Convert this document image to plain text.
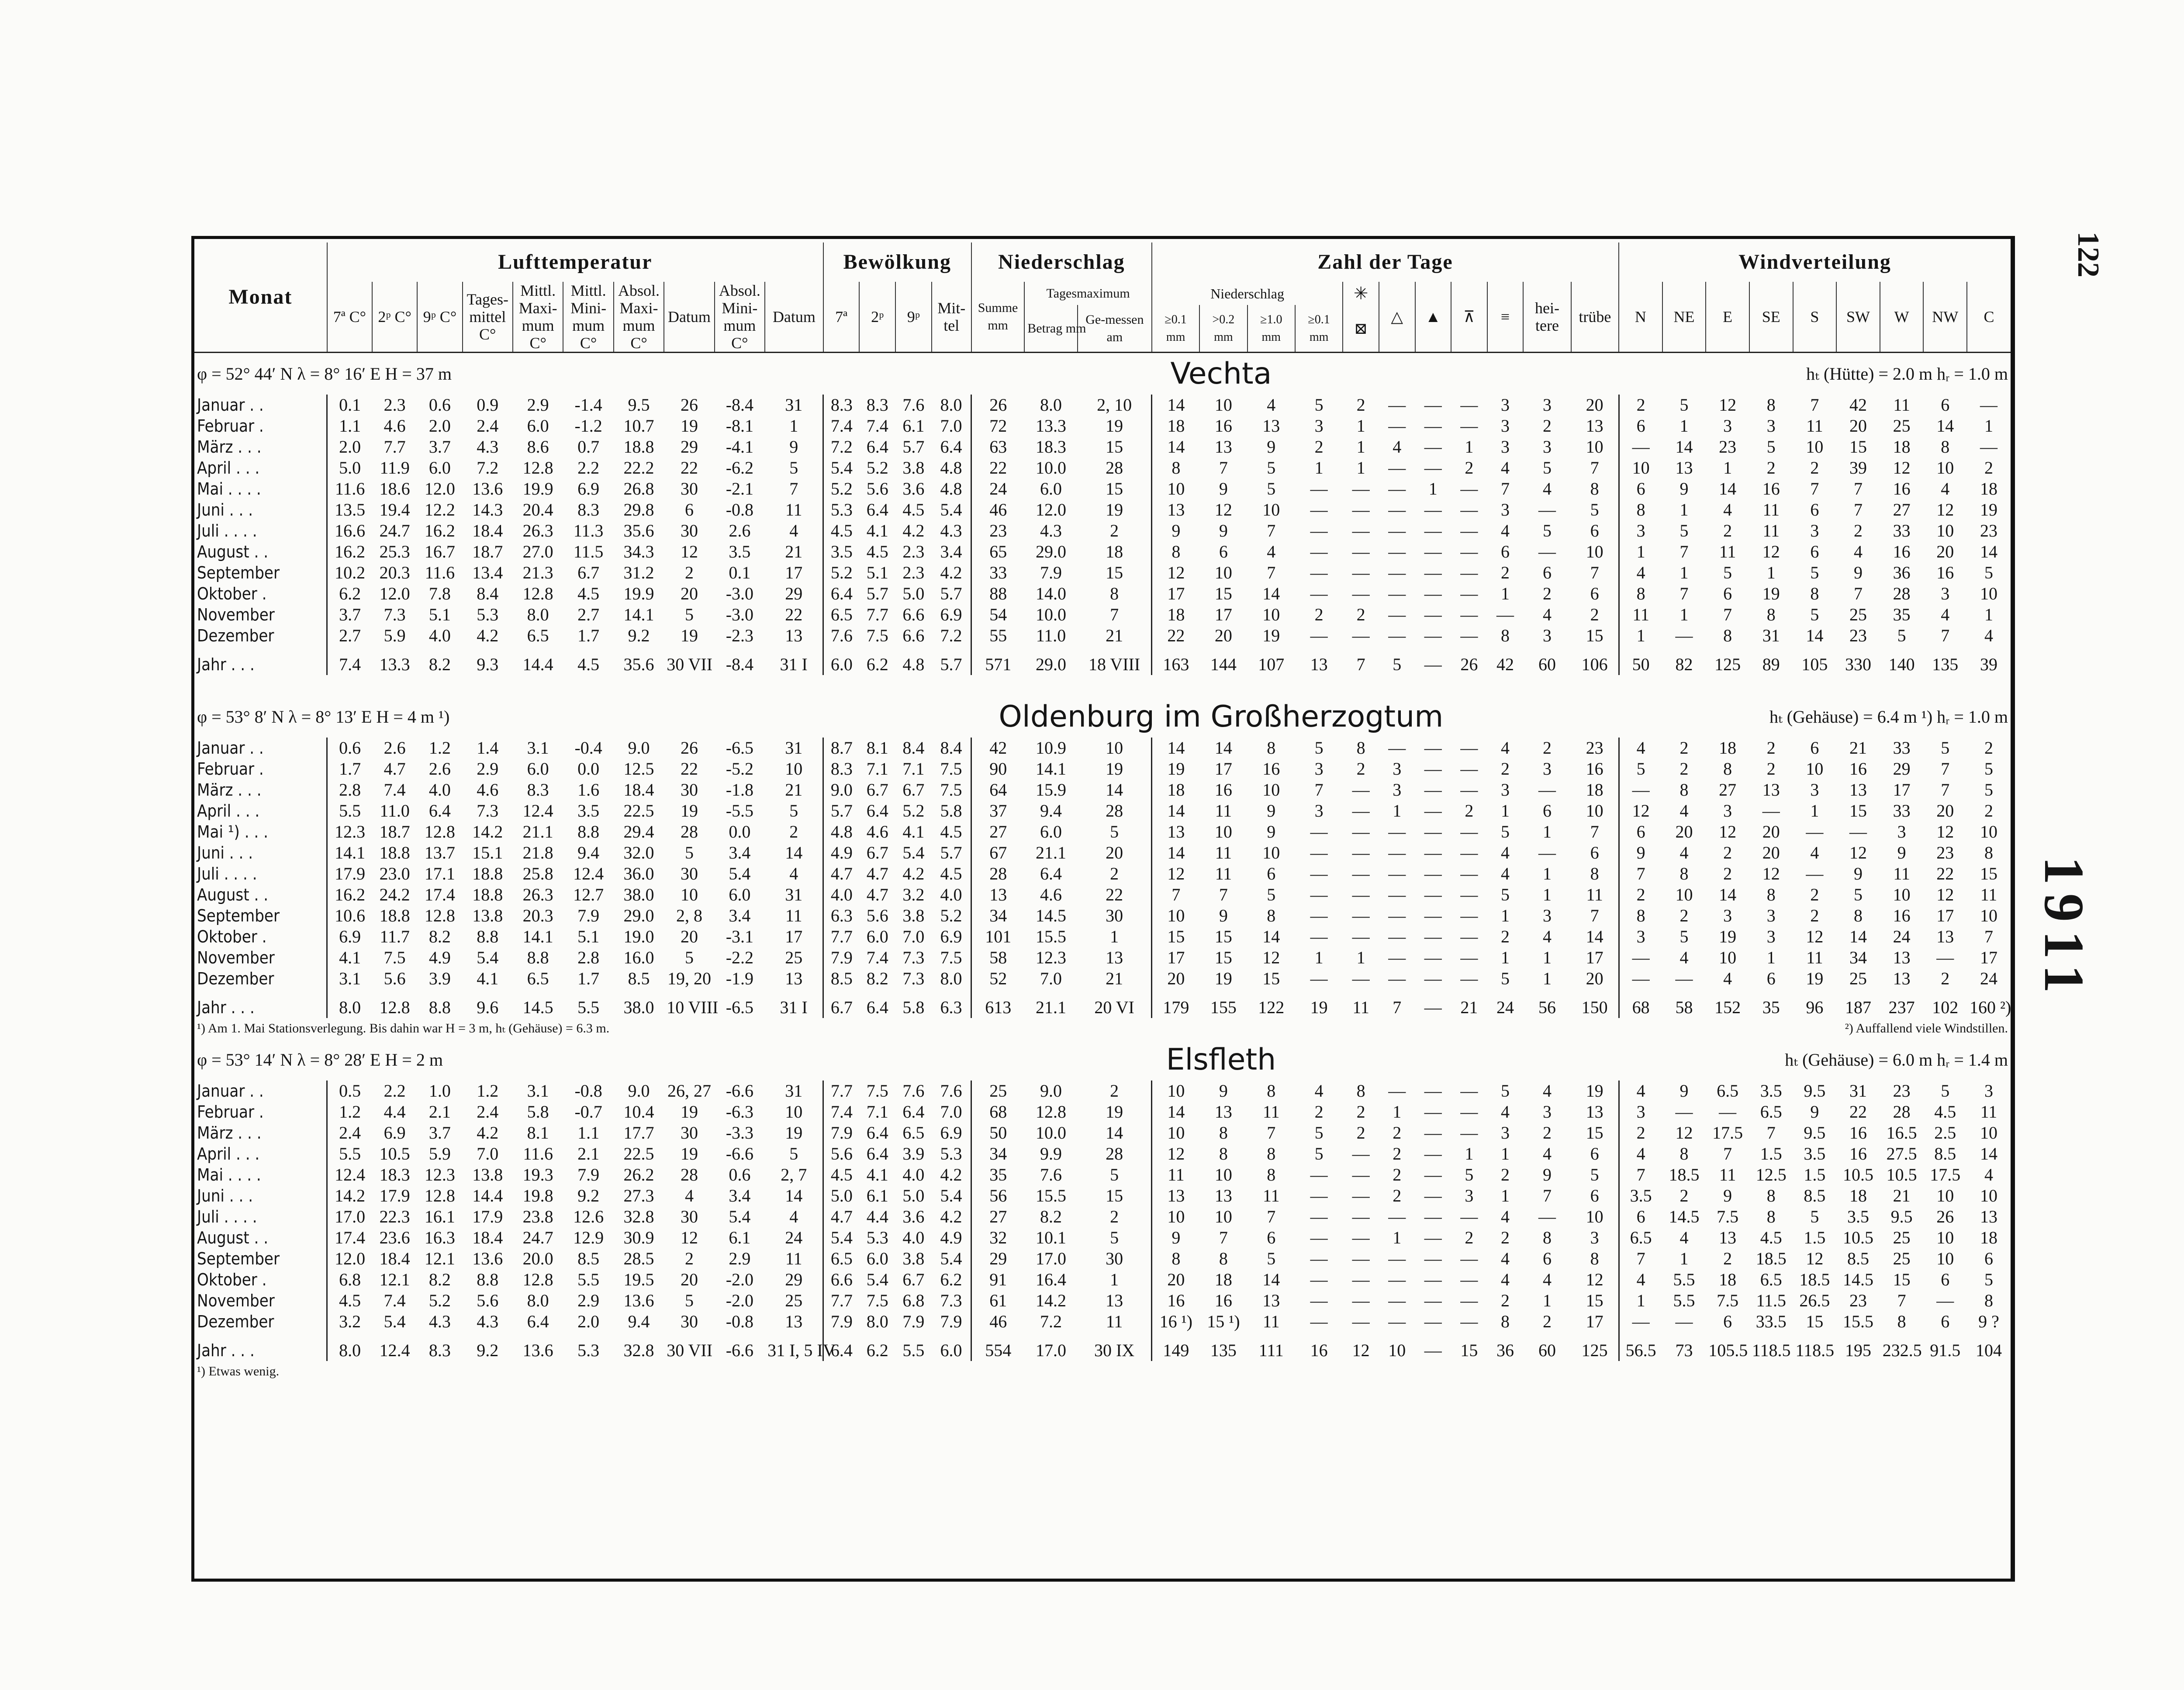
122
1911
Monat	Lufttemperatur										Bewölkung				Niederschlag			Zahl der Tage											Windverteilung								
	7ª C°	2ᵖ C°	9ᵖ C°	Tages-mittel C°	Mittl. Maxi-mum C°	Mittl. Mini-mum C°	Absol. Maxi-mum C°	Datum	Absol. Mini-mum C°	Datum	7ª	2ᵖ	9ᵖ	Mit-tel	Summe mm	Tagesmaximum		Niederschlag				✳	△	▲	⊼	≡	hei-tere	trübe	N	NE	E	SE	S	SW	W	NW	C
																Betrag mm	Ge-messen am	≥0.1 mm	>0.2 mm	≥1.0 mm	≥0.1 mm	⊠															
φ = 52° 44′ N λ = 8° 16′ E H = 37 m											Vechta																		hₜ (Hütte) = 2.0 m hᵣ = 1.0 m								
Januar . .	0.1	2.3	0.6	0.9	2.9	-1.4	9.5	26	-8.4	31	8.3	8.3	7.6	8.0	26	8.0	2, 10	14	10	4	5	2	—	—	—	3	3	20	2	5	12	8	7	42	11	6	—
Februar .	1.1	4.6	2.0	2.4	6.0	-1.2	10.7	19	-8.1	1	7.4	7.4	6.1	7.0	72	13.3	19	18	16	13	3	1	—	—	—	3	2	13	6	1	3	3	11	20	25	14	1
März . . .	2.0	7.7	3.7	4.3	8.6	0.7	18.8	29	-4.1	9	7.2	6.4	5.7	6.4	63	18.3	15	14	13	9	2	1	4	—	1	3	3	10	—	14	23	5	10	15	18	8	—
April . . .	5.0	11.9	6.0	7.2	12.8	2.2	22.2	22	-6.2	5	5.4	5.2	3.8	4.8	22	10.0	28	8	7	5	1	1	—	—	2	4	5	7	10	13	1	2	2	39	12	10	2
Mai . . . .	11.6	18.6	12.0	13.6	19.9	6.9	26.8	30	-2.1	7	5.2	5.6	3.6	4.8	24	6.0	15	10	9	5	—	—	—	1	—	7	4	8	6	9	14	16	7	7	16	4	18
Juni . . .	13.5	19.4	12.2	14.3	20.4	8.3	29.8	6	-0.8	11	5.3	6.4	4.5	5.4	46	12.0	19	13	12	10	—	—	—	—	—	3	—	5	8	1	4	11	6	7	27	12	19
Juli . . . .	16.6	24.7	16.2	18.4	26.3	11.3	35.6	30	2.6	4	4.5	4.1	4.2	4.3	23	4.3	2	9	9	7	—	—	—	—	—	4	5	6	3	5	2	11	3	2	33	10	23
August . .	16.2	25.3	16.7	18.7	27.0	11.5	34.3	12	3.5	21	3.5	4.5	2.3	3.4	65	29.0	18	8	6	4	—	—	—	—	—	6	—	10	1	7	11	12	6	4	16	20	14
September	10.2	20.3	11.6	13.4	21.3	6.7	31.2	2	0.1	17	5.2	5.1	2.3	4.2	33	7.9	15	12	10	7	—	—	—	—	—	2	6	7	4	1	5	1	5	9	36	16	5
Oktober .	6.2	12.0	7.8	8.4	12.8	4.5	19.9	20	-3.0	29	6.4	5.7	5.0	5.7	88	14.0	8	17	15	14	—	—	—	—	—	1	2	6	8	7	6	19	8	7	28	3	10
November	3.7	7.3	5.1	5.3	8.0	2.7	14.1	5	-3.0	22	6.5	7.7	6.6	6.9	54	10.0	7	18	17	10	2	2	—	—	—	—	4	2	11	1	7	8	5	25	35	4	1
Dezember	2.7	5.9	4.0	4.2	6.5	1.7	9.2	19	-2.3	13	7.6	7.5	6.6	7.2	55	11.0	21	22	20	19	—	—	—	—	—	8	3	15	1	—	8	31	14	23	5	7	4
Jahr . . .	7.4	13.3	8.2	9.3	14.4	4.5	35.6	30 VII	-8.4	31 I	6.0	6.2	4.8	5.7	571	29.0	18 VIII	163	144	107	13	7	5	—	26	42	60	106	50	82	125	89	105	330	140	135	39

φ = 53° 8′ N λ = 8° 13′ E H = 4 m ¹)											Oldenburg im Großherzogtum																		hₜ (Gehäuse) = 6.4 m ¹) hᵣ = 1.0 m								
Januar . .	0.6	2.6	1.2	1.4	3.1	-0.4	9.0	26	-6.5	31	8.7	8.1	8.4	8.4	42	10.9	10	14	14	8	5	8	—	—	—	4	2	23	4	2	18	2	6	21	33	5	2
Februar .	1.7	4.7	2.6	2.9	6.0	0.0	12.5	22	-5.2	10	8.3	7.1	7.1	7.5	90	14.1	19	19	17	16	3	2	3	—	—	2	3	16	5	2	8	2	10	16	29	7	5
März . . .	2.8	7.4	4.0	4.6	8.3	1.6	18.4	30	-1.8	21	9.0	6.7	6.7	7.5	64	15.9	14	18	16	10	7	—	3	—	—	3	—	18	—	8	27	13	3	13	17	7	5
April . . .	5.5	11.0	6.4	7.3	12.4	3.5	22.5	19	-5.5	5	5.7	6.4	5.2	5.8	37	9.4	28	14	11	9	3	—	1	—	2	1	6	10	12	4	3	—	1	15	33	20	2
Mai ¹) . . .	12.3	18.7	12.8	14.2	21.1	8.8	29.4	28	0.0	2	4.8	4.6	4.1	4.5	27	6.0	5	13	10	9	—	—	—	—	—	5	1	7	6	20	12	20	—	—	3	12	10
Juni . . .	14.1	18.8	13.7	15.1	21.8	9.4	32.0	5	3.4	14	4.9	6.7	5.4	5.7	67	21.1	20	14	11	10	—	—	—	—	—	4	—	6	9	4	2	20	4	12	9	23	8
Juli . . . .	17.9	23.0	17.1	18.8	25.8	12.4	36.0	30	5.4	4	4.7	4.7	4.2	4.5	28	6.4	2	12	11	6	—	—	—	—	—	4	1	8	7	8	2	12	—	9	11	22	15
August . .	16.2	24.2	17.4	18.8	26.3	12.7	38.0	10	6.0	31	4.0	4.7	3.2	4.0	13	4.6	22	7	7	5	—	—	—	—	—	5	1	11	2	10	14	8	2	5	10	12	11
September	10.6	18.8	12.8	13.8	20.3	7.9	29.0	2, 8	3.4	11	6.3	5.6	3.8	5.2	34	14.5	30	10	9	8	—	—	—	—	—	1	3	7	8	2	3	3	2	8	16	17	10
Oktober .	6.9	11.7	8.2	8.8	14.1	5.1	19.0	20	-3.1	17	7.7	6.0	7.0	6.9	101	15.5	1	15	15	14	—	—	—	—	—	2	4	14	3	5	19	3	12	14	24	13	7
November	4.1	7.5	4.9	5.4	8.8	2.8	16.0	5	-2.2	25	7.9	7.4	7.3	7.5	58	12.3	13	17	15	12	1	1	—	—	—	1	1	17	—	4	10	1	11	34	13	—	17
Dezember	3.1	5.6	3.9	4.1	6.5	1.7	8.5	19, 20	-1.9	13	8.5	8.2	7.3	8.0	52	7.0	21	20	19	15	—	—	—	—	—	5	1	20	—	—	4	6	19	25	13	2	24
Jahr . . .	8.0	12.8	8.8	9.6	14.5	5.5	38.0	10 VIII	-6.5	31 I	6.7	6.4	5.8	6.3	613	21.1	20 VI	179	155	122	19	11	7	—	21	24	56	150	68	58	152	35	96	187	237	102	160 ²)
¹) Am 1. Mai Stationsverlegung. Bis dahin war H = 3 m, hₜ (Gehäuse) = 6.3 m.																				²) Auffallend viele Windstillen.																	
φ = 53° 14′ N λ = 8° 28′ E H = 2 m											Elsfleth																		hₜ (Gehäuse) = 6.0 m hᵣ = 1.4 m								
Januar . .	0.5	2.2	1.0	1.2	3.1	-0.8	9.0	26, 27	-6.6	31	7.7	7.5	7.6	7.6	25	9.0	2	10	9	8	4	8	—	—	—	5	4	19	4	9	6.5	3.5	9.5	31	23	5	3
Februar .	1.2	4.4	2.1	2.4	5.8	-0.7	10.4	19	-6.3	10	7.4	7.1	6.4	7.0	68	12.8	19	14	13	11	2	2	1	—	—	4	3	13	3	—	—	6.5	9	22	28	4.5	11
März . . .	2.4	6.9	3.7	4.2	8.1	1.1	17.7	30	-3.3	19	7.9	6.4	6.5	6.9	50	10.0	14	10	8	7	5	2	2	—	—	3	2	15	2	12	17.5	7	9.5	16	16.5	2.5	10
April . . .	5.5	10.5	5.9	7.0	11.6	2.1	22.5	19	-6.6	5	5.6	6.4	3.9	5.3	34	9.9	28	12	8	8	5	—	2	—	1	1	4	6	4	8	7	1.5	3.5	16	27.5	8.5	14
Mai . . . .	12.4	18.3	12.3	13.8	19.3	7.9	26.2	28	0.6	2, 7	4.5	4.1	4.0	4.2	35	7.6	5	11	10	8	—	—	2	—	5	2	9	5	7	18.5	11	12.5	1.5	10.5	10.5	17.5	4
Juni . . .	14.2	17.9	12.8	14.4	19.8	9.2	27.3	4	3.4	14	5.0	6.1	5.0	5.4	56	15.5	15	13	13	11	—	—	2	—	3	1	7	6	3.5	2	9	8	8.5	18	21	10	10
Juli . . . .	17.0	22.3	16.1	17.9	23.8	12.6	32.8	30	5.4	4	4.7	4.4	3.6	4.2	27	8.2	2	10	10	7	—	—	—	—	—	4	—	10	6	14.5	7.5	8	5	3.5	9.5	26	13
August . .	17.4	23.6	16.3	18.4	24.7	12.9	30.9	12	6.1	24	5.4	5.3	4.0	4.9	32	10.1	5	9	7	6	—	—	1	—	2	2	8	3	6.5	4	13	4.5	1.5	10.5	25	10	18
September	12.0	18.4	12.1	13.6	20.0	8.5	28.5	2	2.9	11	6.5	6.0	3.8	5.4	29	17.0	30	8	8	5	—	—	—	—	—	4	6	8	7	1	2	18.5	12	8.5	25	10	6
Oktober .	6.8	12.1	8.2	8.8	12.8	5.5	19.5	20	-2.0	29	6.6	5.4	6.7	6.2	91	16.4	1	20	18	14	—	—	—	—	—	4	4	12	4	5.5	18	6.5	18.5	14.5	15	6	5
November	4.5	7.4	5.2	5.6	8.0	2.9	13.6	5	-2.0	25	7.7	7.5	6.8	7.3	61	14.2	13	16	16	13	—	—	—	—	—	2	1	15	1	5.5	7.5	11.5	26.5	23	7	—	8
Dezember	3.2	5.4	4.3	4.3	6.4	2.0	9.4	30	-0.8	13	7.9	8.0	7.9	7.9	46	7.2	11	16 ¹)	15 ¹)	11	—	—	—	—	—	8	2	17	—	—	6	33.5	15	15.5	8	6	9 ?
Jahr . . .	8.0	12.4	8.3	9.2	13.6	5.3	32.8	30 VII	-6.6	31 I, 5 IV	6.4	6.2	5.5	6.0	554	17.0	30 IX	149	135	111	16	12	10	—	15	36	60	125	56.5	73	105.5	118.5	118.5	195	232.5	91.5	104
¹) Etwas wenig.																																					
